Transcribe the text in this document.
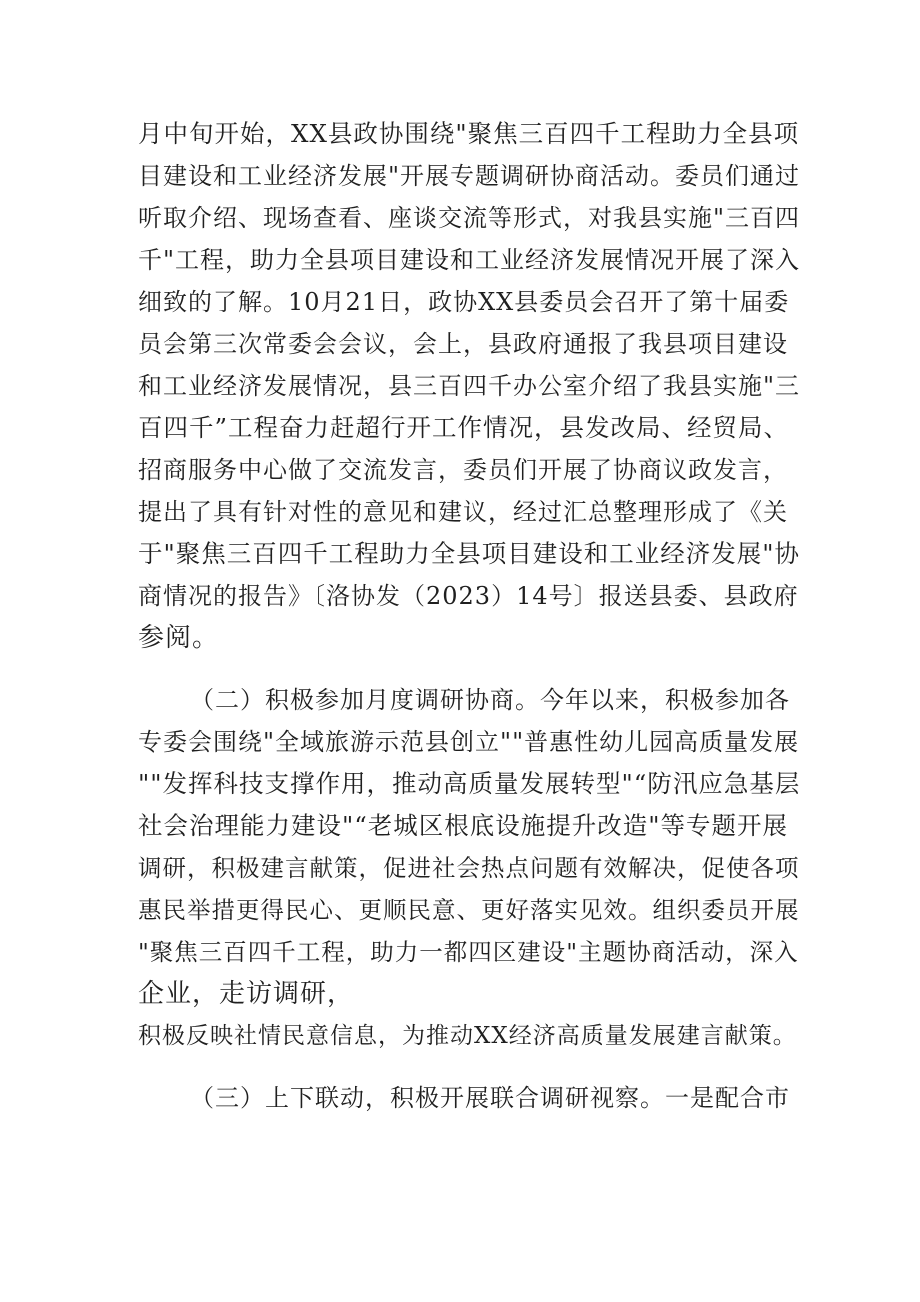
月中旬开始，XX县政协围绕"聚焦三百四千工程助力全县项
目建设和工业经济发展"开展专题调研协商活动。委员们通过
听取介绍、现场查看、座谈交流等形式，对我县实施"三百四
千"工程，助力全县项目建设和工业经济发展情况开展了深入
细致的了解。10月21日，政协XX县委员会召开了第十届委
员会第三次常委会会议，会上，县政府通报了我县项目建设
和工业经济发展情况，县三百四千办公室介绍了我县实施"三
百四千”工程奋力赶超行开工作情况，县发改局、经贸局、
招商服务中心做了交流发言，委员们开展了协商议政发言，
提出了具有针对性的意见和建议，经过汇总整理形成了《关
于"聚焦三百四千工程助力全县项目建设和工业经济发展"协
商情况的报告》〔洛协发（2023）14号〕报送县委、县政府
参阅。
（二）积极参加月度调研协商。今年以来，积极参加各
专委会围绕"全域旅游示范县创立""普惠性幼儿园高质量发展
""发挥科技支撑作用，推动高质量发展转型"“防汛应急基层
社会治理能力建设"“老城区根底设施提升改造"等专题开展
调研，积极建言献策，促进社会热点问题有效解决，促使各项
惠民举措更得民心、更顺民意、更好落实见效。组织委员开展
"聚焦三百四千工程，助力一都四区建设"主题协商活动，深入
企业，走访调研，
积极反映社情民意信息，为推动XX经济高质量发展建言献策。
（三）上下联动，积极开展联合调研视察。一是配合市
